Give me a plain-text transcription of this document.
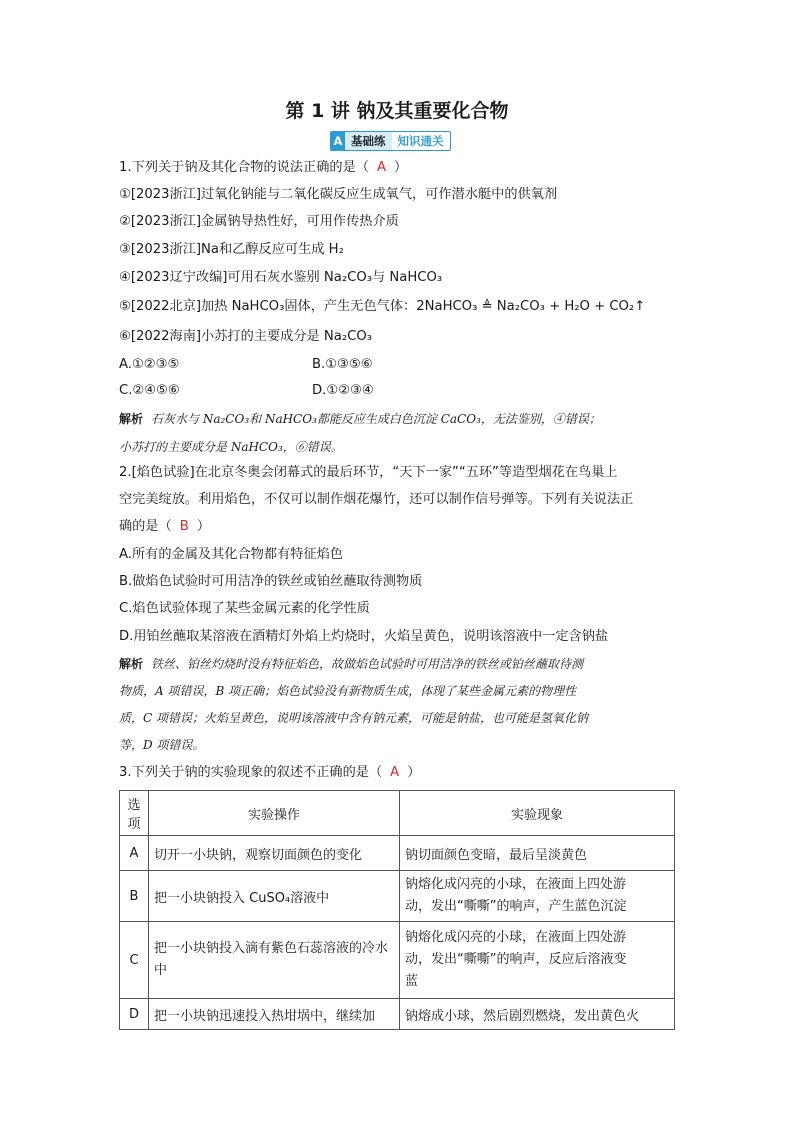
第 1 讲 钠及其重要化合物
A 基础练	知识通关
1.下列关于钠及其化合物的说法正确的是（ A ）
①[2023浙江]过氧化钠能与二氧化碳反应生成氧气，可作潜水艇中的供氧剂
②[2023浙江]金属钠导热性好，可用作传热介质
③[2023浙江]Na和乙醇反应可生成 H₂
④[2023辽宁改编]可用石灰水鉴别 Na₂CO₃与 NaHCO₃
⑤[2022北京]加热 NaHCO₃固体，产生无色气体：2NaHCO₃ ≜ Na₂CO₃ + H₂O + CO₂↑
⑥[2022海南]小苏打的主要成分是 Na₂CO₃
A.①②③⑤	B.①③⑤⑥
C.②④⑤⑥	D.①②③④
解析 石灰水与 Na₂CO₃和 NaHCO₃都能反应生成白色沉淀 CaCO₃，无法鉴别，④错误；
小苏打的主要成分是 NaHCO₃，⑥错误。
2.[焰色试验]在北京冬奥会闭幕式的最后环节，“天下一家”“五环”等造型烟花在鸟巢上
空完美绽放。利用焰色，不仅可以制作烟花爆竹，还可以制作信号弹等。下列有关说法正
确的是（ B ）
A.所有的金属及其化合物都有特征焰色
B.做焰色试验时可用洁净的铁丝或铂丝蘸取待测物质
C.焰色试验体现了某些金属元素的化学性质
D.用铂丝蘸取某溶液在酒精灯外焰上灼烧时，火焰呈黄色，说明该溶液中一定含钠盐
解析 铁丝、铂丝灼烧时没有特征焰色，故做焰色试验时可用洁净的铁丝或铂丝蘸取待测
物质，A 项错误，B 项正确；焰色试验没有新物质生成，体现了某些金属元素的物理性
质，C 项错误；火焰呈黄色，说明该溶液中含有钠元素，可能是钠盐，也可能是氢氧化钠
等，D 项错误。
3.下列关于钠的实验现象的叙述不正确的是（ A ）
选项	实验操作	实验现象
A	切开一小块钠，观察切面颜色的变化	钠切面颜色变暗，最后呈淡黄色
B	把一小块钠投入 CuSO₄溶液中	钠熔化成闪亮的小球，在液面上四处游
动，发出“嘶嘶”的响声，产生蓝色沉淀

C	把一小块钠投入滴有紫色石蕊溶液的冷水中	钠熔化成闪亮的小球，在液面上四处游
动，发出“嘶嘶”的响声，反应后溶液变
蓝

D	把一小块钠迅速投入热坩埚中，继续加	钠熔成小球，然后剧烈燃烧，发出黄色火
